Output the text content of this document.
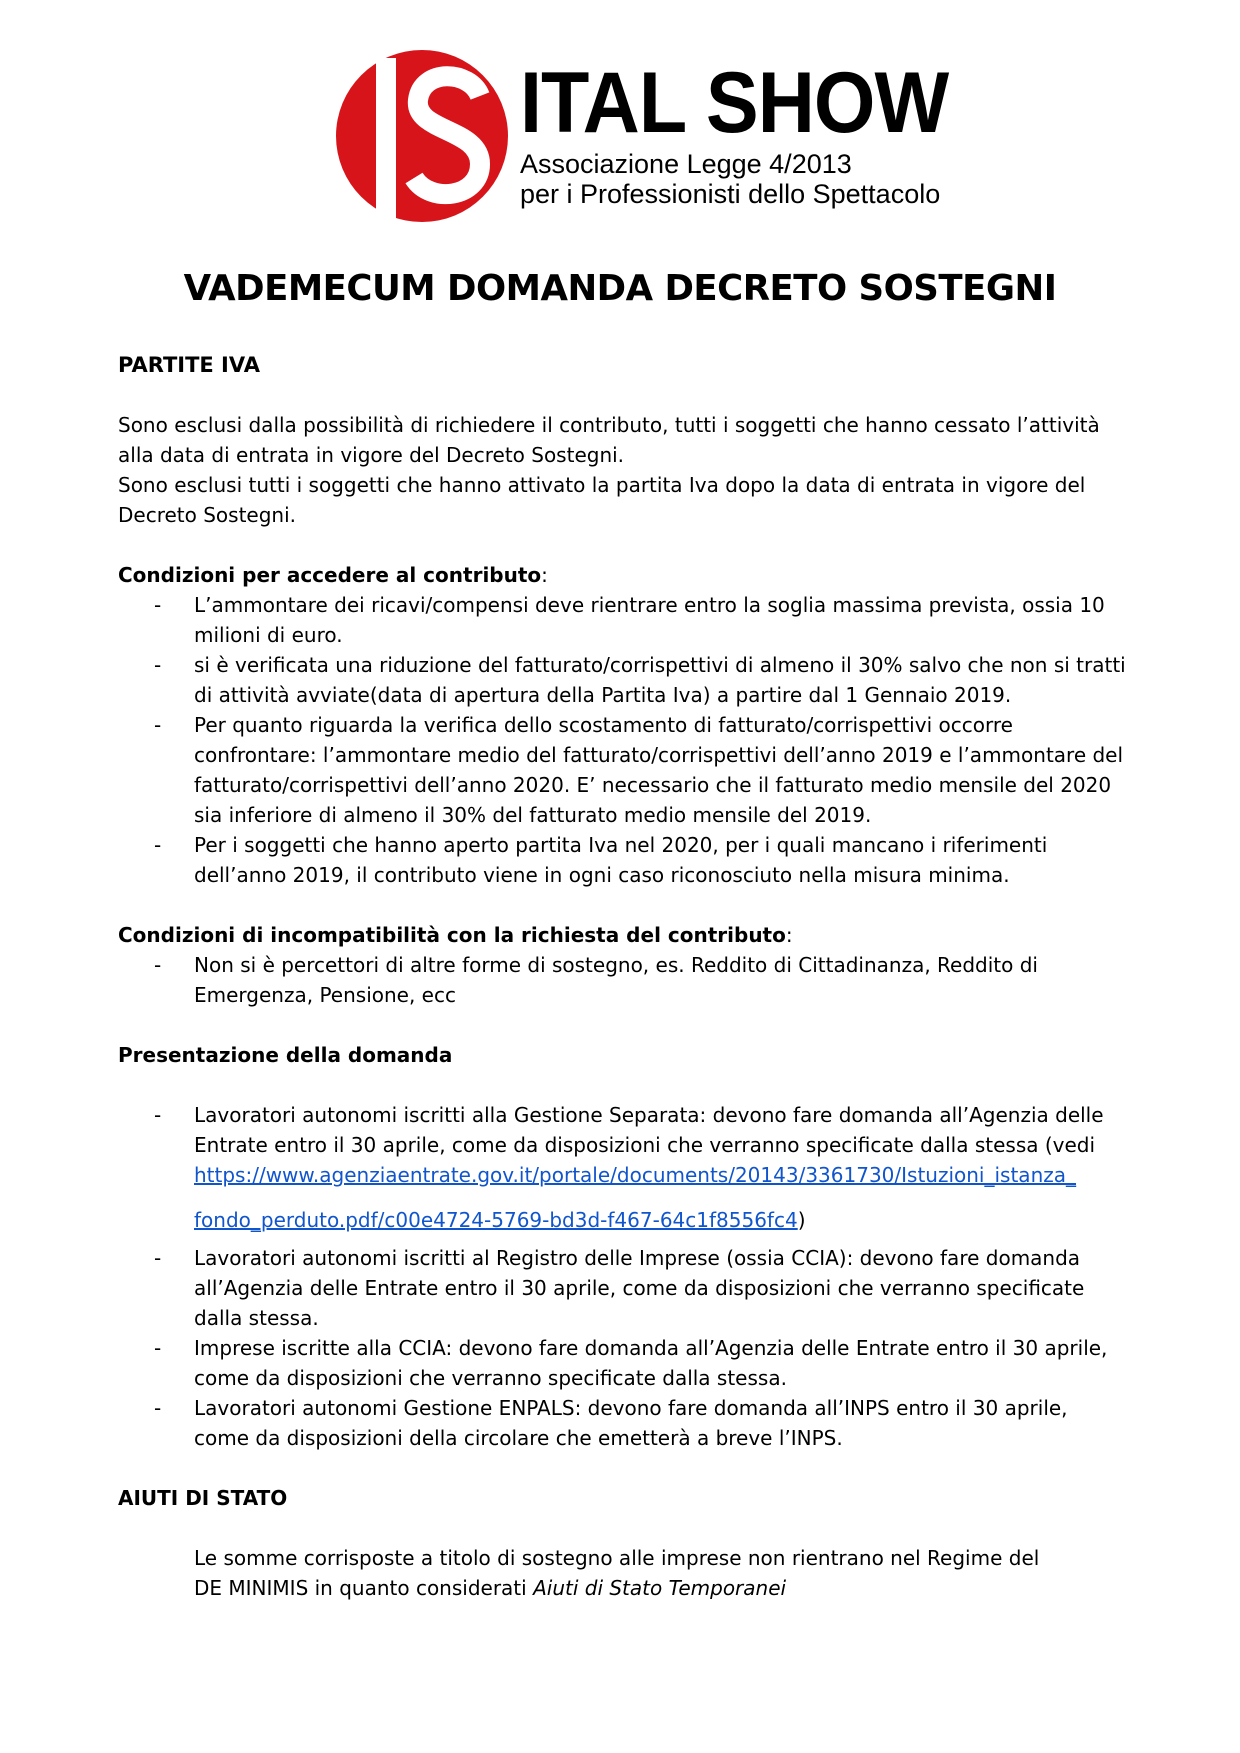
ITAL SHOW
Associazione Legge 4/2013
per i Professionisti dello Spettacolo
VADEMECUM DOMANDA DECRETO SOSTEGNI

PARTITE IVA

Sono esclusi dalla possibilità di richiedere il contributo, tutti i soggetti che hanno cessato l’attività alla data di entrata in vigore del Decreto Sostegni.

Sono esclusi tutti i soggetti che hanno attivato la partita Iva dopo la data di entrata in vigore del Decreto Sostegni.

Condizioni per accedere al contributo:

- L’ammontare dei ricavi/compensi deve rientrare entro la soglia massima prevista, ossia 10 milioni di euro.
- si è verificata una riduzione del fatturato/corrispettivi di almeno il 30% salvo che non si tratti di attività avviate(data di apertura della Partita Iva) a partire dal 1 Gennaio 2019.
- Per quanto riguarda la verifica dello scostamento di fatturato/corrispettivi occorre confrontare: l’ammontare medio del fatturato/corrispettivi dell’anno 2019 e l’ammontare del fatturato/corrispettivi dell’anno 2020. E’ necessario che il fatturato medio mensile del 2020 sia inferiore di almeno il 30% del fatturato medio mensile del 2019.
- Per i soggetti che hanno aperto partita Iva nel 2020, per i quali mancano i riferimenti dell’anno 2019, il contributo viene in ogni caso riconosciuto nella misura minima.

Condizioni di incompatibilità con la richiesta del contributo:

- Non si è percettori di altre forme di sostegno, es. Reddito di Cittadinanza, Reddito di Emergenza, Pensione, ecc

Presentazione della domanda

- Lavoratori autonomi iscritti alla Gestione Separata: devono fare domanda all’Agenzia delle Entrate entro il 30 aprile, come da disposizioni che verranno specificate dalla stessa (vedi
https://www.agenziaentrate.gov.it/portale/documents/20143/3361730/Istuzioni_istanza_
fondo_perduto.pdf/c00e4724-5769-bd3d-f467-64c1f8556fc4)
- Lavoratori autonomi iscritti al Registro delle Imprese (ossia CCIA): devono fare domanda all’Agenzia delle Entrate entro il 30 aprile, come da disposizioni che verranno specificate dalla stessa.
- Imprese iscritte alla CCIA: devono fare domanda all’Agenzia delle Entrate entro il 30 aprile, come da disposizioni che verranno specificate dalla stessa.
- Lavoratori autonomi Gestione ENPALS: devono fare domanda all’INPS entro il 30 aprile, come da disposizioni della circolare che emetterà a breve l’INPS.

AIUTI DI STATO

Le somme corrisposte a titolo di sostegno alle imprese non rientrano nel Regime del

DE MINIMIS in quanto considerati Aiuti di Stato Temporanei
